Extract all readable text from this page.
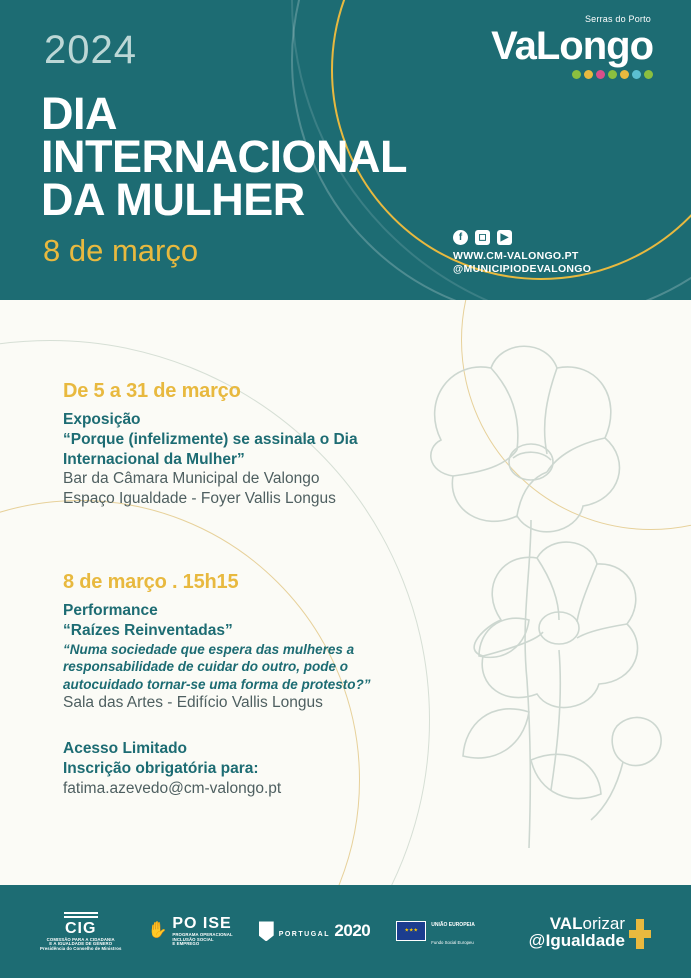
2024
DIA
INTERNACIONAL
DA MULHER
8 de março
VaLongo
Serras do Porto
f	◻	▶
WWW.CM-VALONGO.PT
@MUNICIPIODEVALONGO
De 5 a 31 de março
Exposição
“Porque (infelizmente) se assinala o Dia
Internacional da Mulher”
Bar da Câmara Municipal de Valongo
Espaço Igualdade - Foyer Vallis Longus
8 de março . 15h15
Performance
“Raízes Reinventadas”
“Numa sociedade que espera das mulheres a
responsabilidade de cuidar do outro, pode o
autocuidado tornar-se uma forma de protesto?”
Sala das Artes - Edifício Vallis Longus
Acesso Limitado
Inscrição obrigatória para:
fatima.azevedo@cm-valongo.pt
CIG
COMISSÃO PARA A CIDADANIA
E A IGUALDADE DE GÉNERO
Presidência do Conselho de Ministros
✋ PO ISE
PROGRAMA OPERACIONAL
INCLUSÃO SOCIAL
E EMPREGO
PORTUGAL 2020 ★★★	UNIÃO EUROPEIA
Fundo Social Europeu
VALorizar
@Igualdade
